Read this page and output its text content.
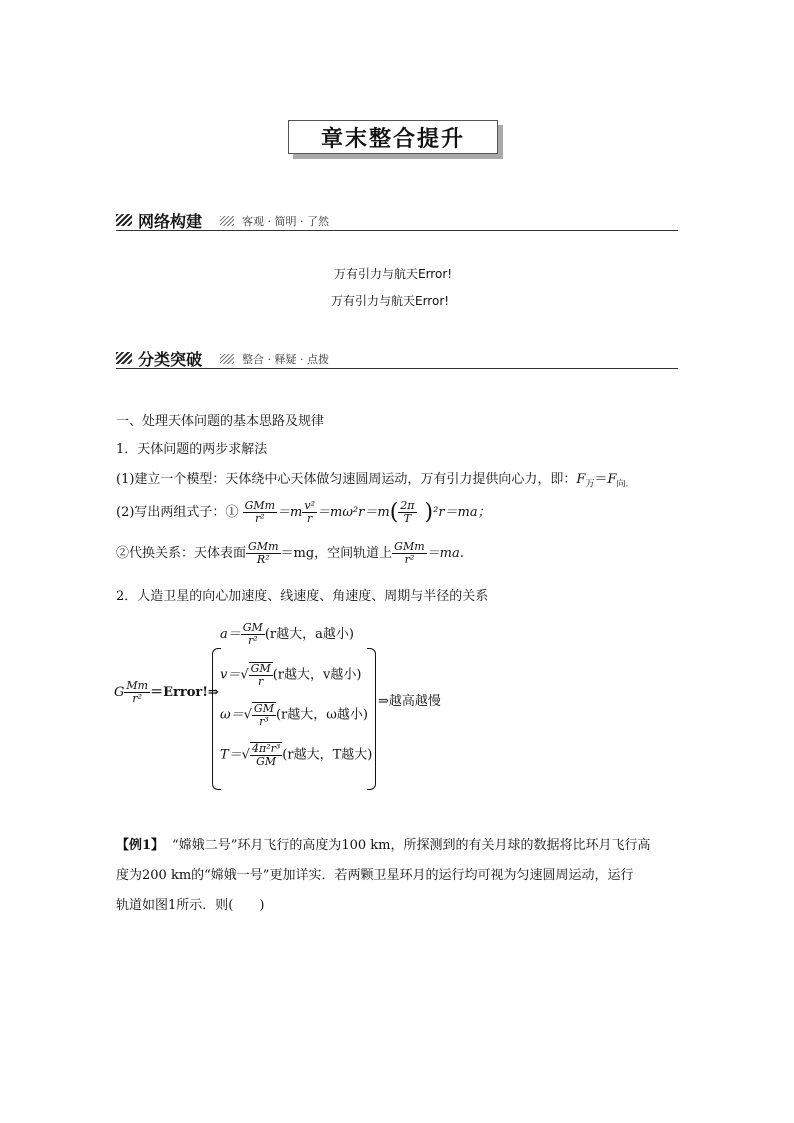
章末整合提升
网络构建	客观 · 简明 · 了然
万有引力与航天Error!
万有引力与航天Error!
分类突破	整合 · 释疑 · 点拨
一、处理天体问题的基本思路及规律
1．天体问题的两步求解法
(1)建立一个模型：天体绕中心天体做匀速圆周运动，万有引力提供向心力，即：$F_万=F_{向.}$
(2)写出两组式子：① $\frac{\text{GMm}}{\text{r²}} =m \frac{\text{v²}}{r} =m\omega^2r=m( \frac{2\pi}{T} )^2r=ma$；
②代换关系：天体表面 $\frac{\text{GMm}}{\text{R²}} =mg$，空间轨道上 $\frac{\text{GMm}}{\text{r²}} =ma$.
2．人造卫星的向心加速度、线速度、角速度、周期与半径的关系
G $\frac{Mm}{\text{r²}}$ ＝Error!⇒
$a= \frac{GM}{\text{r²}} (r$越大，a越小)
$v=√ \frac{GM}{r} (r$越大，v越小)
$\omega=√ \frac{GM}{\text{r³}} (r$越大，ω越小)
$T=√ \frac{\text{4π²r³}}{GM} (r$越大，T越大)
⇒越高越慢
【例1】 “嫦娥二号”环月飞行的高度为100 km，所探测到的有关月球的数据将比环月飞行高
度为200 km的“嫦娥一号”更加详实．若两颗卫星环月的运行均可视为匀速圆周运动，运行
轨道如图1所示．则(　　)
